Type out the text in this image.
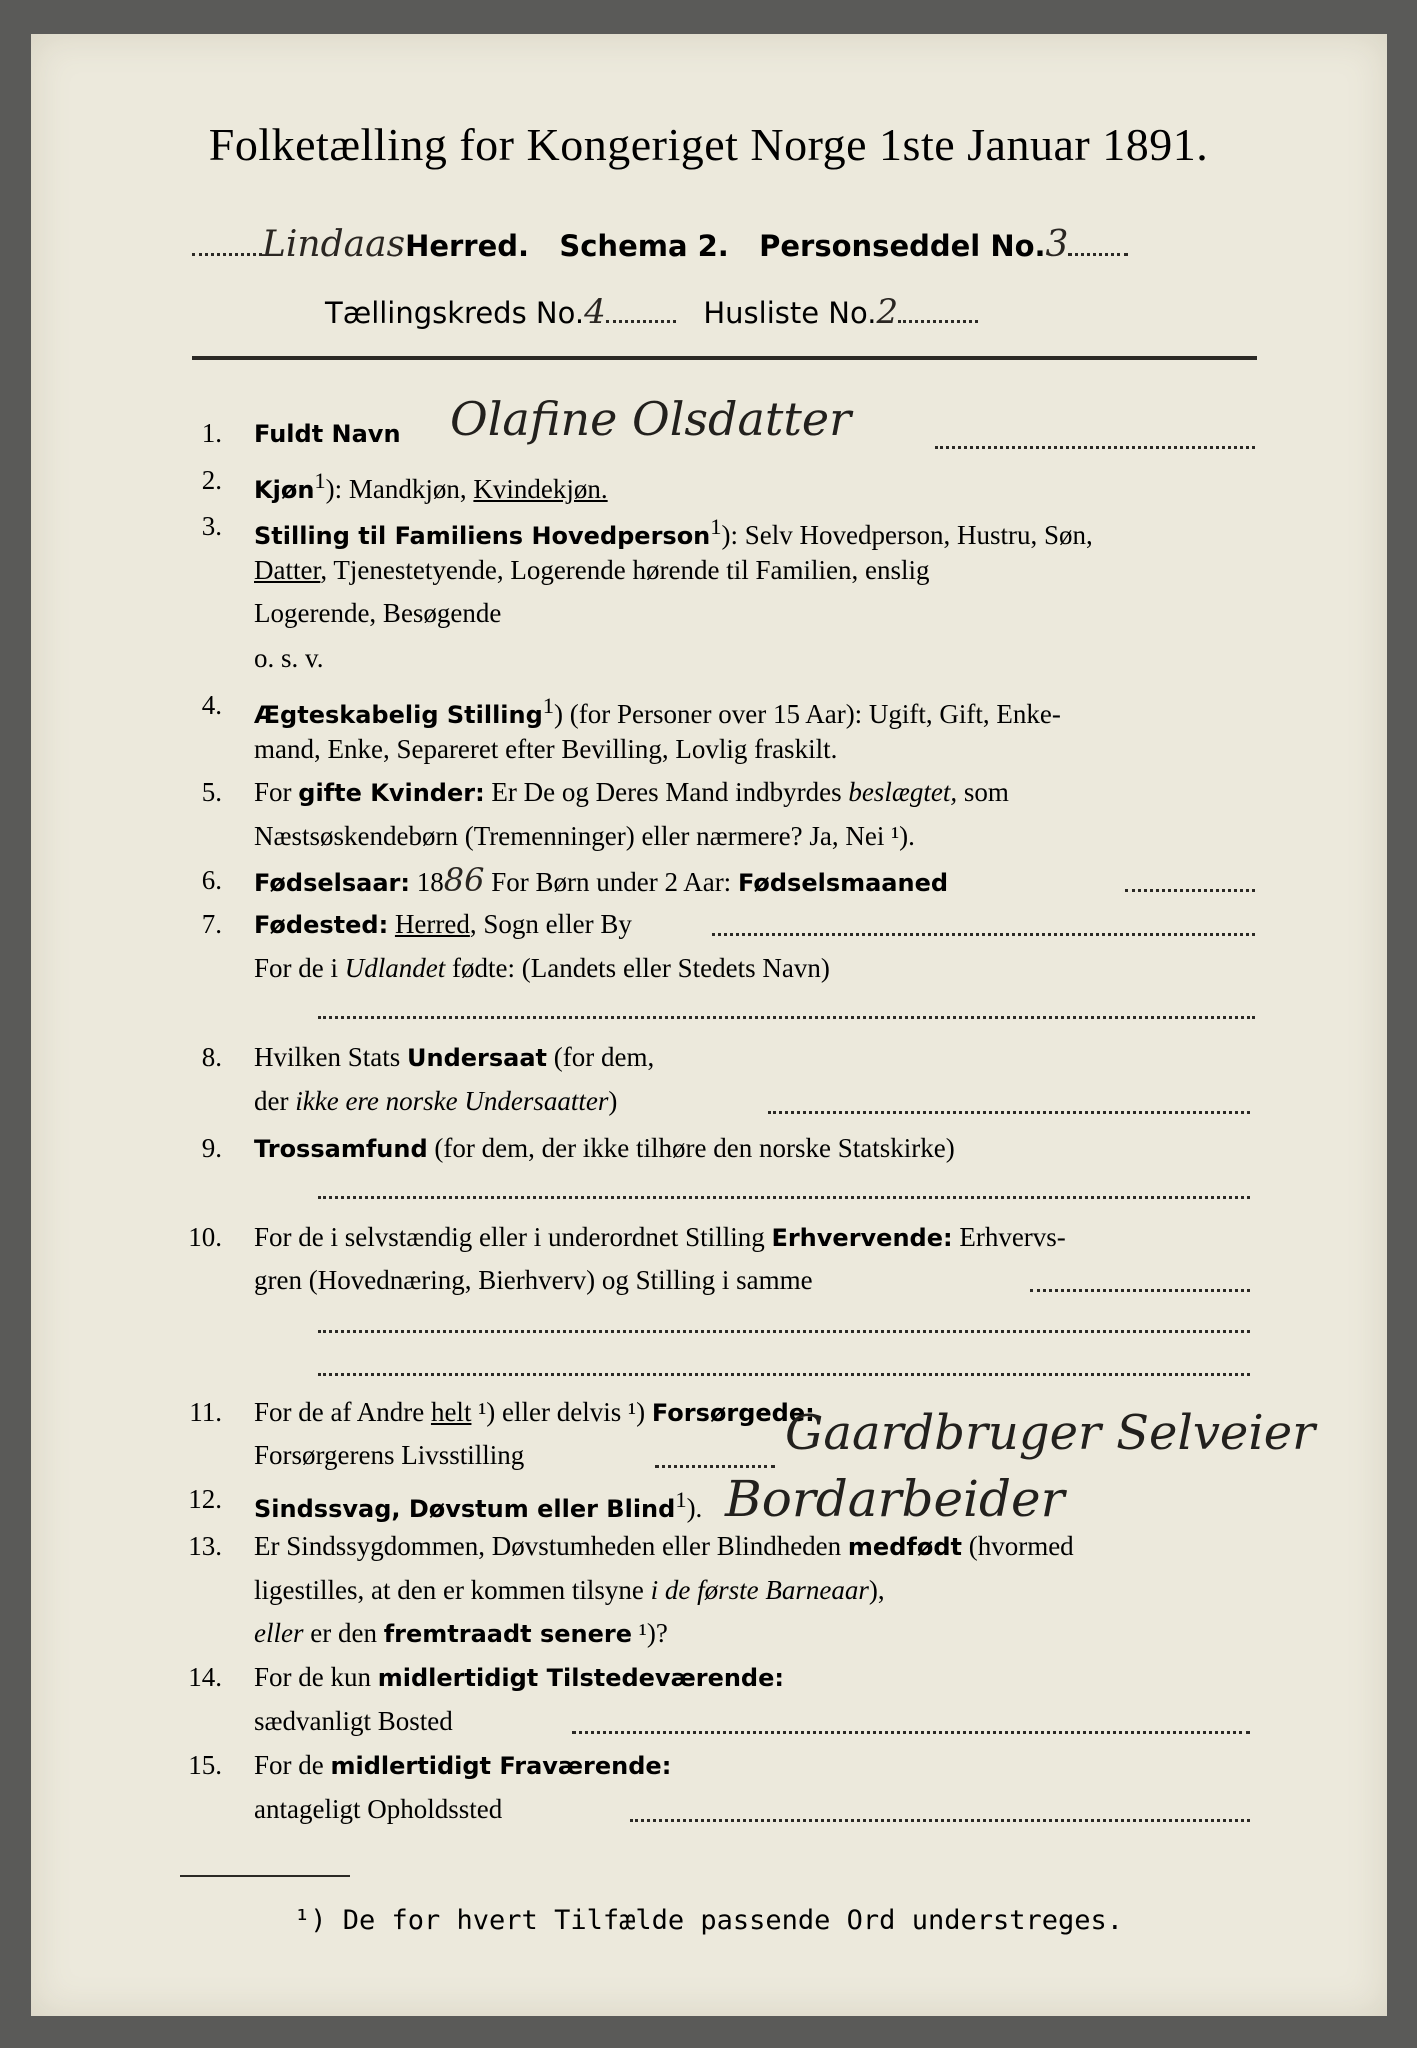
Folketælling for Kongeriget Norge 1ste Januar 1891.
LindaasHerred. Schema 2. Personseddel No.3
Tællingskreds No.4	Husliste No.2
1. Fuldt Navn	Olafine Olsdatter
2. Kjøn$^1$): Mandkjøn, Kvindekjøn.
3. Stilling til Familiens Hovedperson$^1$): Selv Hovedperson, Hustru, Søn,
Datter, Tjenestetyende, Logerende hørende til Familien, enslig
Logerende, Besøgende
o. s. v.
4. Ægteskabelig Stilling$^1$) (for Personer over 15 Aar): Ugift, Gift, Enke-
mand, Enke, Separeret efter Bevilling, Lovlig fraskilt.
5. For gifte Kvinder: Er De og Deres Mand indbyrdes beslægtet, som
Næstsøskendebørn (Tremenninger) eller nærmere? Ja, Nei ¹).
6. Fødselsaar: 1886 For Børn under 2 Aar: Fødselsmaaned
7. Fødested: Herred, Sogn eller By
For de i Udlandet fødte: (Landets eller Stedets Navn)
8. Hvilken Stats Undersaat (for dem,
der ikke ere norske Undersaatter)
9. Trossamfund (for dem, der ikke tilhøre den norske Statskirke)
10. For de i selvstændig eller i underordnet Stilling Erhvervende: Erhvervs-
gren (Hovednæring, Bierhverv) og Stilling i samme
11. For de af Andre helt ¹) eller delvis ¹) Forsørgede:
Forsørgerens Livsstilling	Gaardbruger Selveier
12. Sindssvag, Døvstum eller Blind$^1$). Bordarbeider
13. Er Sindssygdommen, Døvstumheden eller Blindheden medfødt (hvormed
ligestilles, at den er kommen tilsyne i de første Barneaar),
eller er den fremtraadt senere ¹)?
14. For de kun midlertidigt Tilstedeværende:
sædvanligt Bosted
15. For de midlertidigt Fraværende:
antageligt Opholdssted
¹) De for hvert Tilfælde passende Ord understreges.
